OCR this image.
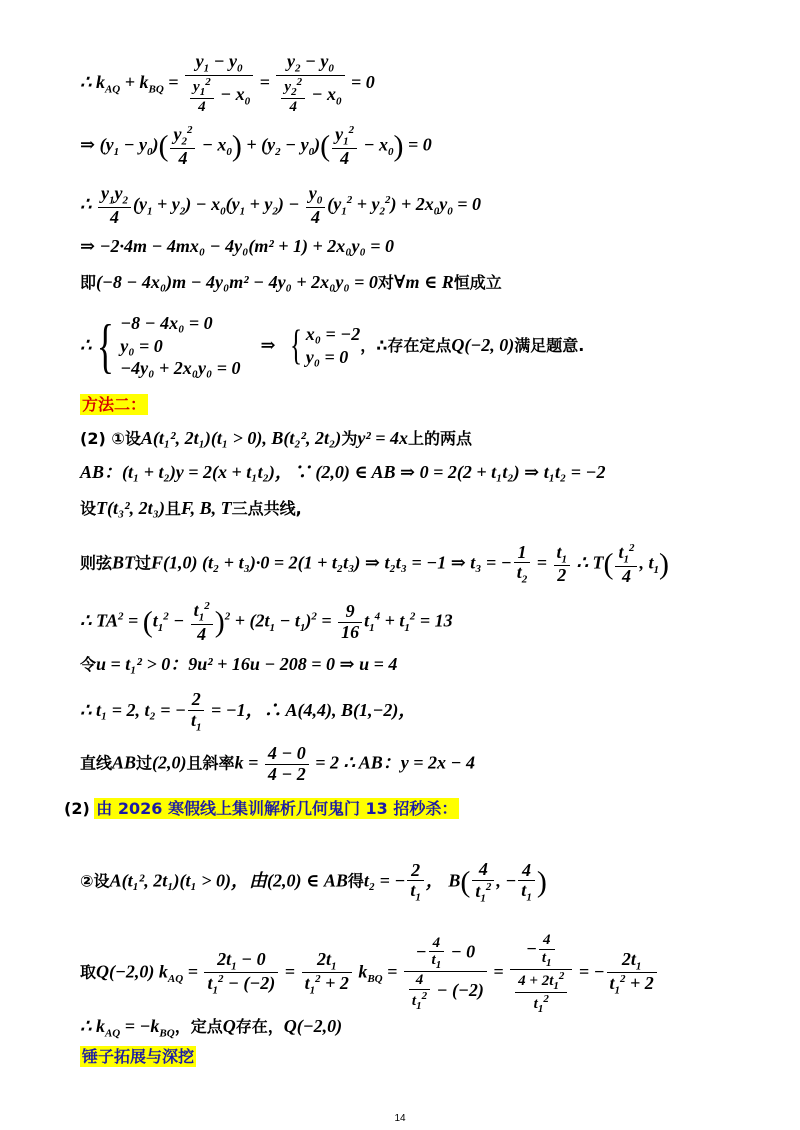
∴ $k_{AQ} + k_{BQ} = \frac{y_1 - y_0}{\frac{y_1^2}{4} - x_0} = \frac{y_2 - y_0}{\frac{y_2^2}{4} - x_0} = 0$
⇒ $(y_1 - y_0)( \frac{y_2^2}{4} - x_0) + (y_2 - y_0)( \frac{y_1^2}{4} - x_0) = 0$
∴ $\frac{y_1y_2}{4} (y_1 + y_2) - x_0(y_1 + y_2) - \frac{y_0}{4} (y_1^2 + y_2^2) + 2x_0y_0 = 0$
⇒ −2·4m − 4mx₀ − 4y₀(m² + 1) + 2x₀y₀ = 0
即(−8 − 4x₀)m − 4y₀m² − 4y₀ + 2x₀y₀ = 0对∀m ∈ R恒成立
∴ { −8 − 4x₀ = 0
y₀ = 0
−4y₀ + 2x₀y₀ = 0
⇒ { x₀ = −2
y₀ = 0
，∴存在定点 Q(−2, 0) 满足题意.
方法二：
(2) ①设A(t₁², 2t₁)(t₁ > 0), B(t₂², 2t₂)为y² = 4x上的两点
AB：(t₁ + t₂)y = 2(x + t₁t₂)，∵ (2,0) ∈ AB ⇒ 0 = 2(2 + t₁t₂) ⇒ t₁t₂ = −2
设T(t₃², 2t₃)且F, B, T三点共线,
则弦BT过F(1,0) (t₂ + t₃)·0 = 2(1 + t₂t₃) ⇒ t₂t₃ = −1 ⇒ t₃ = − $\frac{1}{t_2} = \frac{t_1}{2}$ ∴ $T( \frac{t_1^2}{4}$ , $t_1$)
∴ $TA^2 = (t_1^2 - \frac{t_1^2}{4} )^2 + (2t_1 - t_1)^2 = \frac{9}{16} t_1^4 + t_1^2 = 13$
令u = t₁² > 0：9u² + 16u − 208 = 0 ⇒ u = 4
∴ t₁ = 2, t₂ = − $\frac{2}{t_1} = -1$，∴ A(4,4), B(1,−2)，
直线AB过(2,0)且斜率$k = \frac{4 - 0}{4 - 2} = 2$ ∴ AB：y = 2x − 4
(2) 由 2026 寒假线上集训解析几何鬼门 13 招秒杀：
②设A(t₁², 2t₁)(t₁ > 0)，由(2,0) ∈ AB得t₂ = − $\frac{2}{t_1}$ ， $B( \frac{4}{t_1^2}$ , − $\frac{4}{t_1}$ )
取Q(−2,0) $k_{AQ} = \frac{2t_1 - 0}{t_1^2 - (-2)} = \frac{2t_1}{t_1^2 + 2} k_{BQ} = \frac{- \frac{4}{t_1} - 0}{\frac{4}{t_1^2} - (-2)} = \frac{- \frac{4}{t_1}}{\frac{4 + 2t_1^2}{t_1^2}}$ = − $\frac{2t_1}{t_1^2 + 2}$
∴ $k_{AQ} = -k_{BQ}$，定点Q存在，Q(−2,0)
锤子拓展与深挖
14
